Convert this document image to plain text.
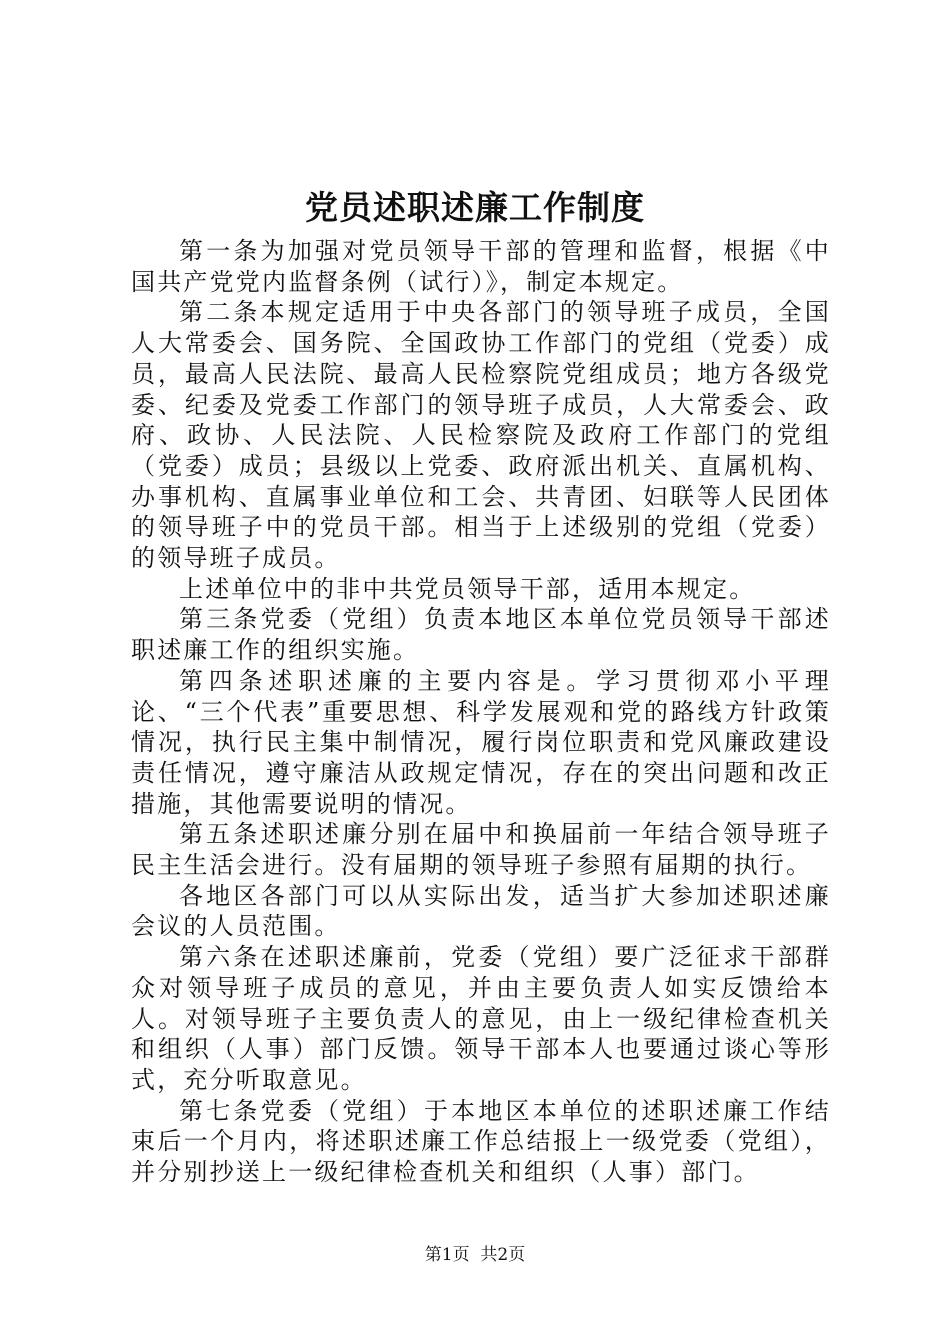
党员述职述廉工作制度

第一条为加强对党员领导干部的管理和监督，根据《中国共产党党内监督条例（试行）》，制定本规定。

第二条本规定适用于中央各部门的领导班子成员，全国人大常委会、国务院、全国政协工作部门的党组（党委）成员，最高人民法院、最高人民检察院党组成员；地方各级党委、纪委及党委工作部门的领导班子成员，人大常委会、政府、政协、人民法院、人民检察院及政府工作部门的党组（党委）成员；县级以上党委、政府派出机关、直属机构、办事机构、直属事业单位和工会、共青团、妇联等人民团体的领导班子中的党员干部。相当于上述级别的党组（党委）的领导班子成员。

上述单位中的非中共党员领导干部，适用本规定。

第三条党委（党组）负责本地区本单位党员领导干部述职述廉工作的组织实施。

第四条述职述廉的主要内容是。学习贯彻邓小平理论、“三个代表”重要思想、科学发展观和党的路线方针政策情况，执行民主集中制情况，履行岗位职责和党风廉政建设责任情况，遵守廉洁从政规定情况，存在的突出问题和改正措施，其他需要说明的情况。

第五条述职述廉分别在届中和换届前一年结合领导班子民主生活会进行。没有届期的领导班子参照有届期的执行。

各地区各部门可以从实际出发，适当扩大参加述职述廉会议的人员范围。

第六条在述职述廉前，党委（党组）要广泛征求干部群众对领导班子成员的意见，并由主要负责人如实反馈给本人。对领导班子主要负责人的意见，由上一级纪律检查机关和组织（人事）部门反馈。领导干部本人也要通过谈心等形式，充分听取意见。

第七条党委（党组）于本地区本单位的述职述廉工作结束后一个月内，将述职述廉工作总结报上一级党委（党组），并分别抄送上一级纪律检查机关和组织（人事）部门。

第1页  共2页
